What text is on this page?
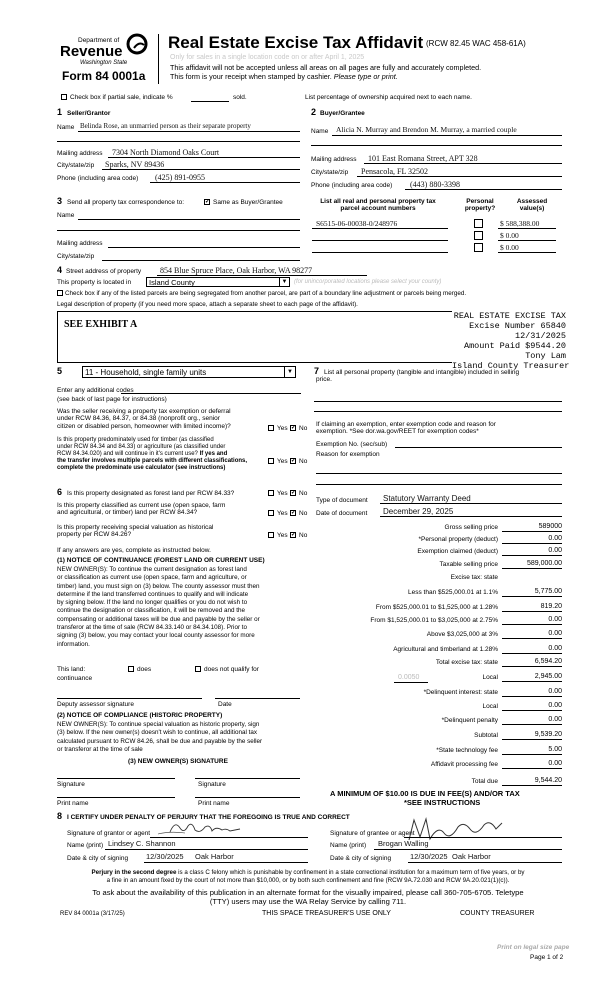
Department of
Revenue
Washington State
Form 84 0001a
Real Estate Excise Tax Affidavit (RCW 82.45 WAC 458-61A)
Only for sales in a single location code on or after April 1, 2025
This affidavit will not be accepted unless all areas on all pages are fully and accurately completed.
This form is your receipt when stamped by cashier. Please type or print.
Check box if partial sale, indicate %	sold.	List percentage of ownership acquired next to each name.
1 Seller/Grantor
Name Belinda Rose, an unmarried person as their separate property
Mailing address 7304 North Diamond Oaks Court
City/state/zip Sparks, NV 89436
Phone (including area code) (425) 891-0955
2 Buyer/Grantee
Name Alicia N. Murray and Brendon M. Murray, a married couple
Mailing address 101 East Romana Street, APT 328
City/state/zip Pensacola, FL 32502
Phone (including area code) (443) 880-3398
3 Send all property tax correspondence to:	✓ Same as Buyer/Grantee
Name
Mailing address
City/state/zip
List all real and personal property tax
parcel account numbers
Personal
property?
Assessed
value(s)
S6515-06-00038-0/248976	$ 588,388.00
$ 0.00
$ 0.00
4 Street address of property 854 Blue Spruce Place, Oak Harbor, WA 98277
This property is located in	Island County	▼ (for unincorporated locations please select your county)
Check box if any of the listed parcels are being segregated from another parcel, are part of a boundary line adjustment or parcels being merged.
Legal description of property (if you need more space, attach a separate sheet to each page of the affidavit).
SEE EXHIBIT A
REAL ESTATE EXCISE TAX
Excise Number 65840
12/31/2025
Amount Paid $9544.20
Tony Lam
Island County Treasurer
5	11 - Household, single family units	▼
Enter any additional codes
(see back of last page for instructions)
Was the seller receiving a property tax exemption or deferral
under RCW 84.36, 84.37, or 84.38 (nonprofit org., senior
citizen or disabled person, homeowner with limited income)?	Yes ✓ No
Is this property predominately used for timber (as classified
under RCW 84.34 and 84.33) or agriculture (as classified under
RCW 84.34.020) and will continue in it's current use? If yes and
the transfer involves multiple parcels with different classifications,
complete the predominate use calculator (see instructions)
Yes ✓ No
6 Is this property designated as forest land per RCW 84.33?	Yes ✓ No
Is this property classified as current use (open space, farm
and agricultural, or timber) land per RCW 84.34?	Yes ✓ No
Is this property receiving special valuation as historical
property per RCW 84.26?	Yes ✓ No
If any answers are yes, complete as instructed below.
(1) NOTICE OF CONTINUANCE (FOREST LAND OR CURRENT USE)
NEW OWNER(S): To continue the current designation as forest land
or classification as current use (open space, farm and agriculture, or
timber) land, you must sign on (3) below. The county assessor must then
determine if the land transferred continues to qualify and will indicate
by signing below. If the land no longer qualifies or you do not wish to
continue the designation or classification, it will be removed and the
compensating or additional taxes will be due and payable by the seller or
transferor at the time of sale (RCW 84.33.140 or 84.34.108). Prior to
signing (3) below, you may contact your local county assessor for more
information.
This land:	does	does not qualify for
continuance
Deputy assessor signature	Date
(2) NOTICE OF COMPLIANCE (HISTORIC PROPERTY)
NEW OWNER(S): To continue special valuation as historic property, sign
(3) below. If the new owner(s) doesn't wish to continue, all additional tax
calculated pursuant to RCW 84.26, shall be due and payable by the seller
or transferor at the time of sale
(3) NEW OWNER(S) SIGNATURE
Signature	Signature
Print name	Print name
7 List all personal property (tangible and intangible) included in selling
price.
If claiming an exemption, enter exemption code and reason for
exemption. *See dor.wa.gov/REET for exemption codes*
Exemption No. (sec/sub)
Reason for exemption
Type of document Statutory Warranty Deed
Date of document December 29, 2025
Gross selling price	589000
*Personal property (deduct)	0.00
Exemption claimed (deduct)	0.00
Taxable selling price	589,000.00
Excise tax: state
Less than $525,000.01 at 1.1%	5,775.00
From $525,000.01 to $1,525,000 at 1.28%	819.20
From $1,525,000.01 to $3,025,000 at 2.75%	0.00
Above $3,025,000 at 3%	0.00
Agricultural and timberland at 1.28%	0.00
Total excise tax: state	6,594.20
Local	2,945.00
0.0050
*Delinquent interest: state	0.00
Local	0.00
*Delinquent penalty	0.00
Subtotal	9,539.20
*State technology fee	5.00
Affidavit processing fee	0.00
Total due	9,544.20
A MINIMUM OF $10.00 IS DUE IN FEE(S) AND/OR TAX
*SEE INSTRUCTIONS
8 I CERTIFY UNDER PENALTY OF PERJURY THAT THE FOREGOING IS TRUE AND CORRECT
Signature of grantor or agent
Name (print) Lindsey C. Shannon
Date & city of signing 12/30/2025 Oak Harbor
Signature of grantee or agent
Name (print) Brogan Walling
Date & city of signing	12/30/2025 Oak Harbor
Perjury in the second degree is a class C felony which is punishable by confinement in a state correctional institution for a maximum term of five years, or by
a fine in an amount fixed by the court of not more than $10,000, or by both such confinement and fine (RCW 9A.72.030 and RCW 9A.20.021(1)(c)).
To ask about the availability of this publication in an alternate format for the visually impaired, please call 360-705-6705. Teletype
(TTY) users may use the WA Relay Service by calling 711.
REV 84 0001a (3/17/25)	THIS SPACE TREASURER'S USE ONLY	COUNTY TREASURER
Print on legal size pape
Page 1 of 2
